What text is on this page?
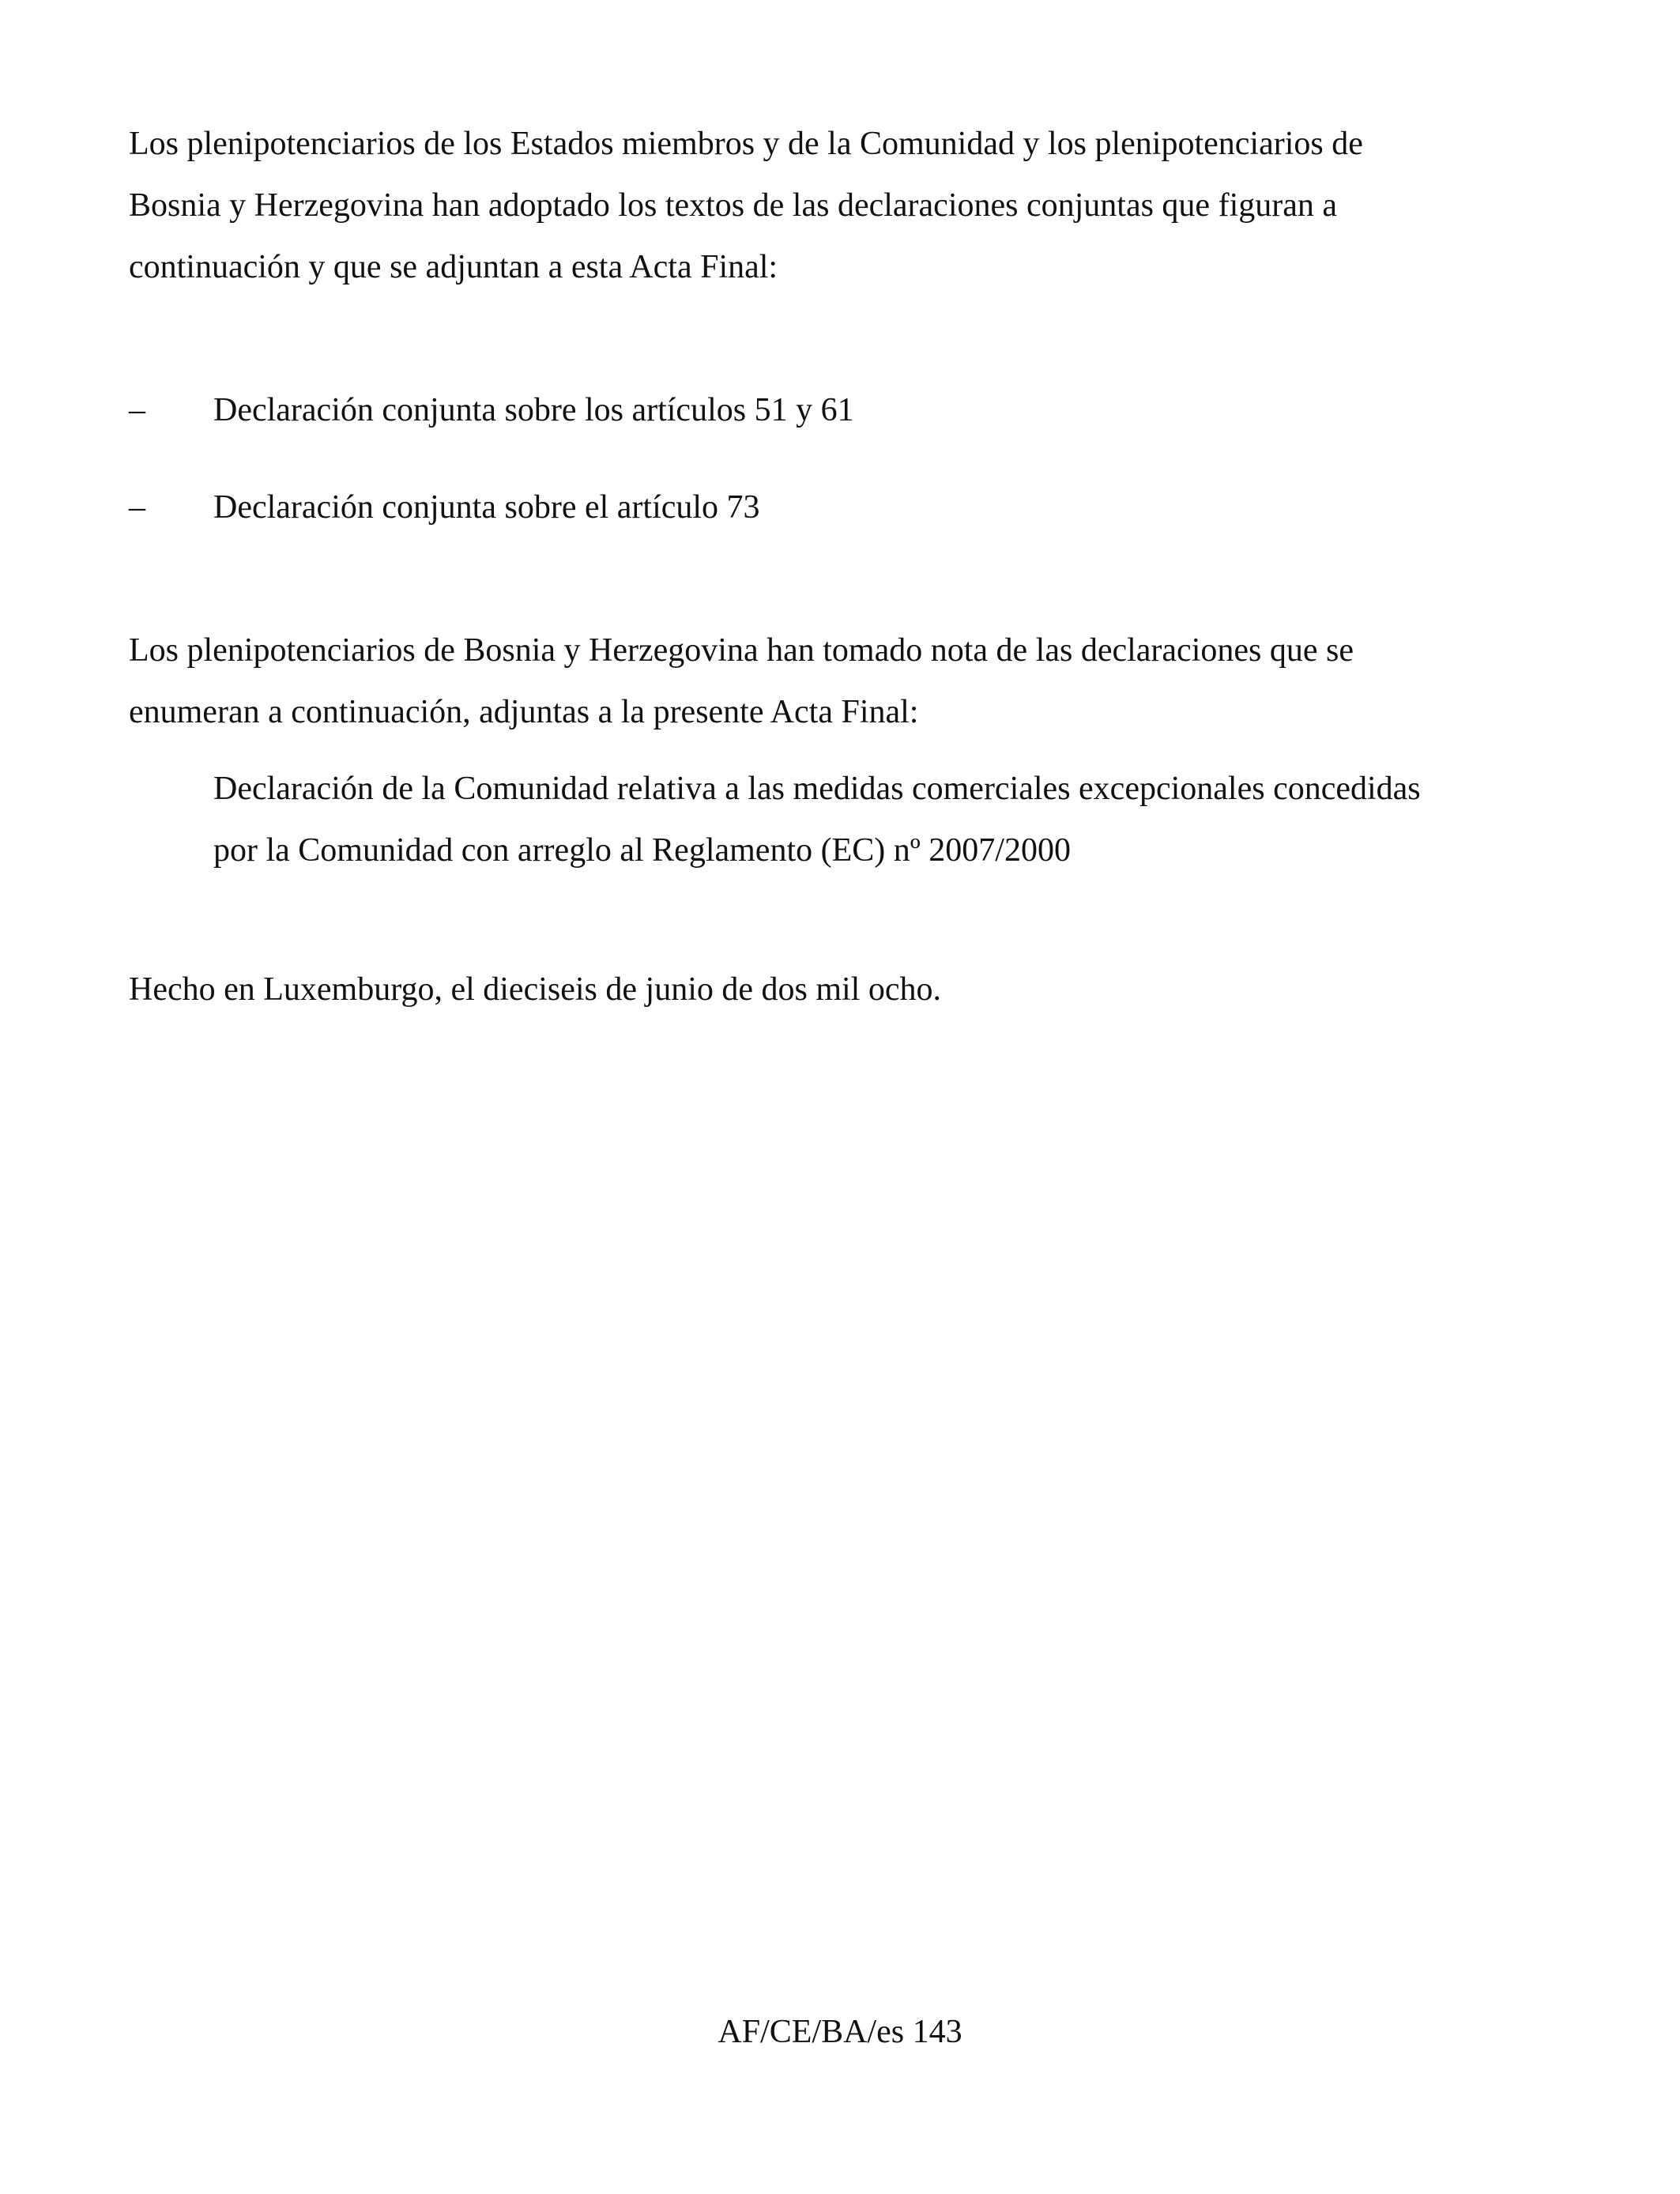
Los plenipotenciarios de los Estados miembros y de la Comunidad y los plenipotenciarios de
Bosnia y Herzegovina han adoptado los textos de las declaraciones conjuntas que figuran a
continuación y que se adjuntan a esta Acta Final:

– Declaración conjunta sobre los artículos 51 y 61
– Declaración conjunta sobre el artículo 73

Los plenipotenciarios de Bosnia y Herzegovina han tomado nota de las declaraciones que se
enumeran a continuación, adjuntas a la presente Acta Final:

Declaración de la Comunidad relativa a las medidas comerciales excepcionales concedidas
por la Comunidad con arreglo al Reglamento (EC) nº 2007/2000

Hecho en Luxemburgo, el dieciseis de junio de dos mil ocho.

AF/CE/BA/es 143
